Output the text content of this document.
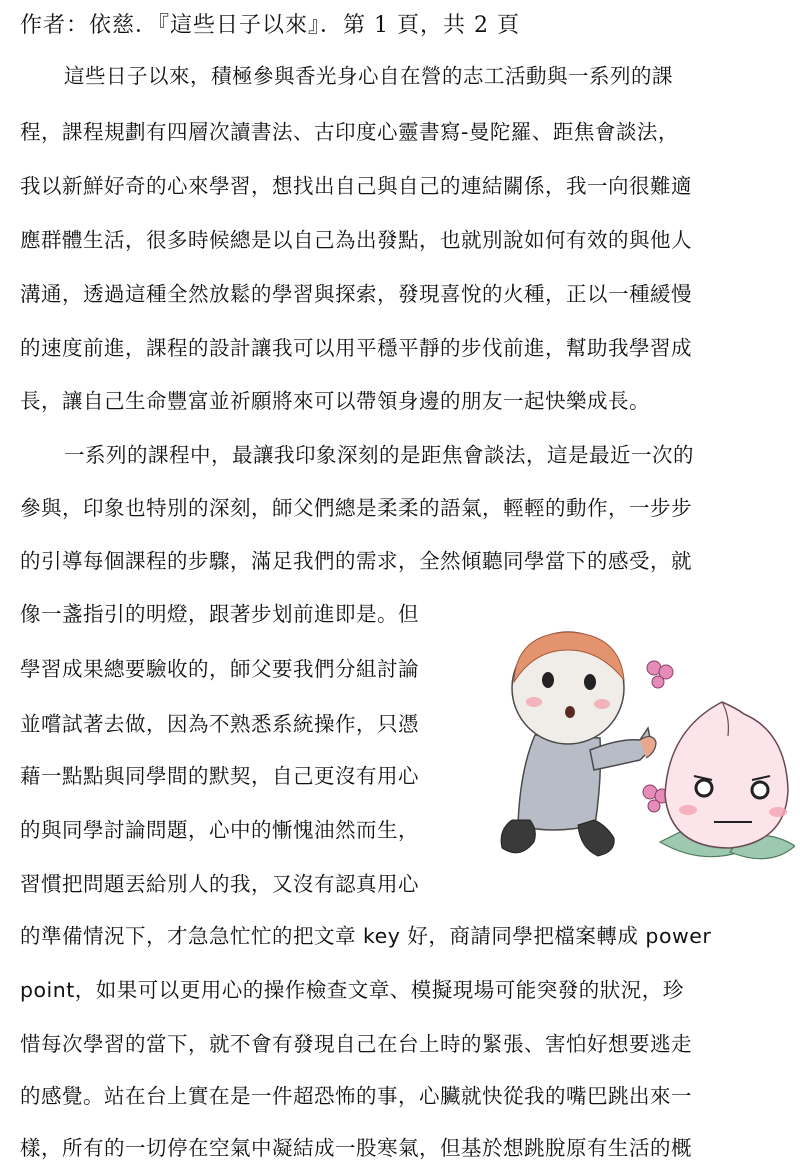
作者：依慈．『這些日子以來』．第 1 頁，共 2 頁
這些日子以來，積極參與香光身心自在營的志工活動與一系列的課
程，課程規劃有四層次讀書法、古印度心靈書寫-曼陀羅、距焦會談法，
我以新鮮好奇的心來學習，想找出自己與自己的連結關係，我一向很難適
應群體生活，很多時候總是以自己為出發點，也就別說如何有效的與他人
溝通，透過這種全然放鬆的學習與探索，發現喜悅的火種，正以一種緩慢
的速度前進，課程的設計讓我可以用平穩平靜的步伐前進，幫助我學習成
長，讓自己生命豐富並祈願將來可以帶領身邊的朋友一起快樂成長。
一系列的課程中，最讓我印象深刻的是距焦會談法，這是最近一次的
參與，印象也特別的深刻，師父們總是柔柔的語氣，輕輕的動作，一步步
的引導每個課程的步驟，滿足我們的需求，全然傾聽同學當下的感受，就
像一盞指引的明燈，跟著步划前進即是。但
學習成果總要驗收的，師父要我們分組討論
並嚐試著去做，因為不熟悉系統操作，只憑
藉一點點與同學間的默契，自己更沒有用心
的與同學討論問題，心中的慚愧油然而生，
習慣把問題丟給別人的我，又沒有認真用心
的準備情況下，才急急忙忙的把文章 key 好，商請同學把檔案轉成 power
point，如果可以更用心的操作檢查文章、模擬現場可能突發的狀況，珍
惜每次學習的當下，就不會有發現自己在台上時的緊張、害怕好想要逃走
的感覺。站在台上實在是一件超恐怖的事，心臟就快從我的嘴巴跳出來一
樣，所有的一切停在空氣中凝結成一股寒氣，但基於想跳脫原有生活的概
